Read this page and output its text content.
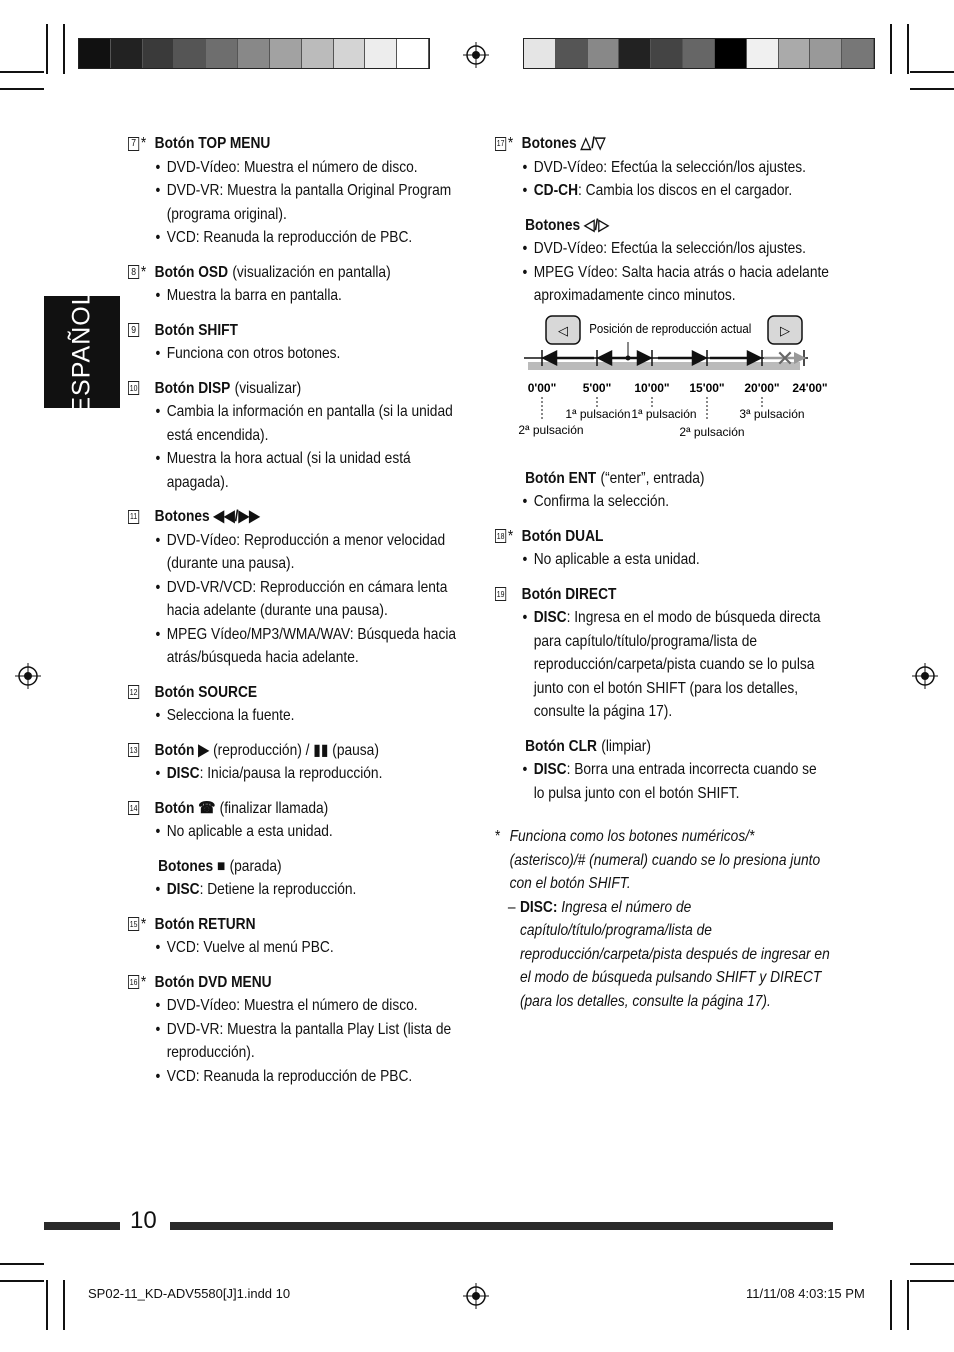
ESPAÑOL
7 * Botón TOP MENU
• DVD-Vídeo: Muestra el número de disco.
• DVD-VR: Muestra la pantalla Original Program (programa original).
• VCD: Reanuda la reproducción de PBC.
8 * Botón OSD (visualización en pantalla)
• Muestra la barra en pantalla.
9 Botón SHIFT
• Funciona con otros botones.
10 Botón DISP (visualizar)
• Cambia la información en pantalla (si la unidad está encendida).
• Muestra la hora actual (si la unidad está apagada).
11 Botones ◀◀/▶▶
• DVD-Vídeo: Reproducción a menor velocidad (durante una pausa).
• DVD-VR/VCD: Reproducción en cámara lenta hacia adelante (durante una pausa).
• MPEG Vídeo/MP3/WMA/WAV: Búsqueda hacia atrás/búsqueda hacia adelante.
12 Botón SOURCE
• Selecciona la fuente.
13 Botón ▶ (reproducción) / ▮▮ (pausa)
• DISC: Inicia/pausa la reproducción.
14 Botón ☎ (finalizar llamada)
• No aplicable a esta unidad.
Botones ■ (parada)
• DISC: Detiene la reproducción.
15 * Botón RETURN
• VCD: Vuelve al menú PBC.
16 * Botón DVD MENU
• DVD-Vídeo: Muestra el número de disco.
• DVD-VR: Muestra la pantalla Play List (lista de reproducción).
• VCD: Reanuda la reproducción de PBC.
17 * Botones △/▽
• DVD-Vídeo: Efectúa la selección/los ajustes.
• CD-CH: Cambia los discos en el cargador.
Botones ◁/▷
• DVD-Vídeo: Efectúa la selección/los ajustes.
• MPEG Vídeo: Salta hacia atrás o hacia adelante aproximadamente cinco minutos.
Botón ENT (“enter”, entrada)
• Confirma la selección.
18 * Botón DUAL
• No aplicable a esta unidad.
19 Botón DIRECT
• DISC: Ingresa en el modo de búsqueda directa para capítulo/título/programa/lista de reproducción/carpeta/pista cuando se lo pulsa junto con el botón SHIFT (para los detalles, consulte la página 17).
Botón CLR (limpiar)
• DISC: Borra una entrada incorrecta cuando se lo pulsa junto con el botón SHIFT.
* Funciona como los botones numéricos/* (asterisco)/# (numeral) cuando se lo presiona junto con el botón SHIFT.
– DISC: Ingresa el número de capítulo/título/programa/lista de reproducción/carpeta/pista después de ingresar en el modo de búsqueda pulsando SHIFT y DIRECT (para los detalles, consulte la página 17).
◁	▷
Posición de reproducción actual
✕
0'00" 5'00" 10'00" 15'00" 20'00" 24'00"
1ª pulsación 1ª pulsación	3ª pulsación
2ª pulsación	2ª pulsación
10
SP02-11_KD-ADV5580[J]1.indd 10	11/11/08 4:03:15 PM
